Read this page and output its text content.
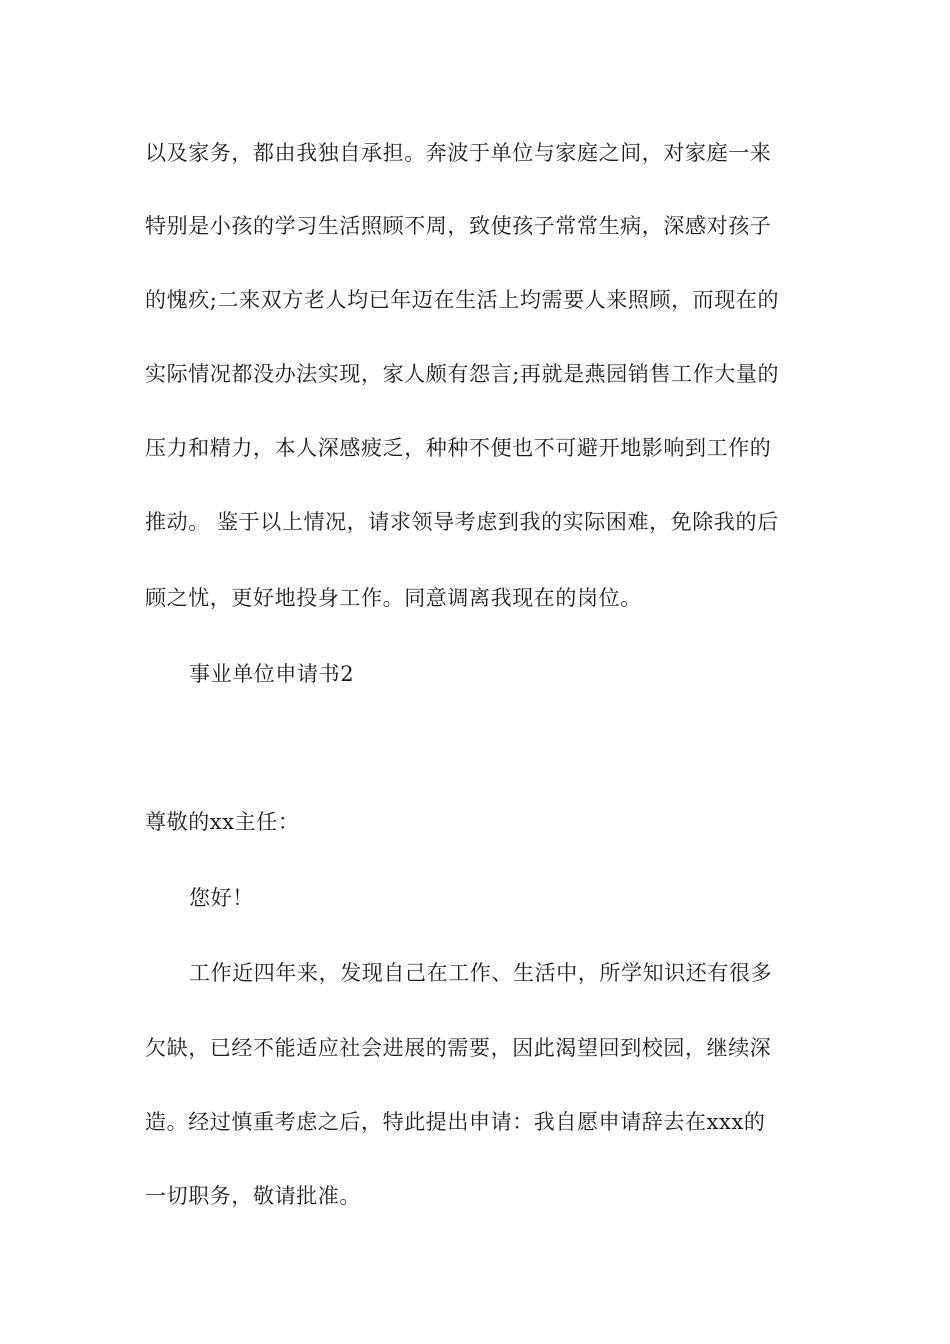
以及家务，都由我独自承担。奔波于单位与家庭之间，对家庭一来
特别是小孩的学习生活照顾不周，致使孩子常常生病，深感对孩子
的愧疚;二来双方老人均已年迈在生活上均需要人来照顾，而现在的
实际情况都没办法实现，家人颇有怨言;再就是燕园销售工作大量的
压力和精力，本人深感疲乏，种种不便也不可避开地影响到工作的
推动。 鉴于以上情况，请求领导考虑到我的实际困难，免除我的后
顾之忧，更好地投身工作。同意调离我现在的岗位。
事业单位申请书2
尊敬的xx主任：
您好！
工作近四年来，发现自己在工作、生活中，所学知识还有很多
欠缺，已经不能适应社会进展的需要，因此渴望回到校园，继续深
造。经过慎重考虑之后，特此提出申请：我自愿申请辞去在xxx的
一切职务，敬请批准。
